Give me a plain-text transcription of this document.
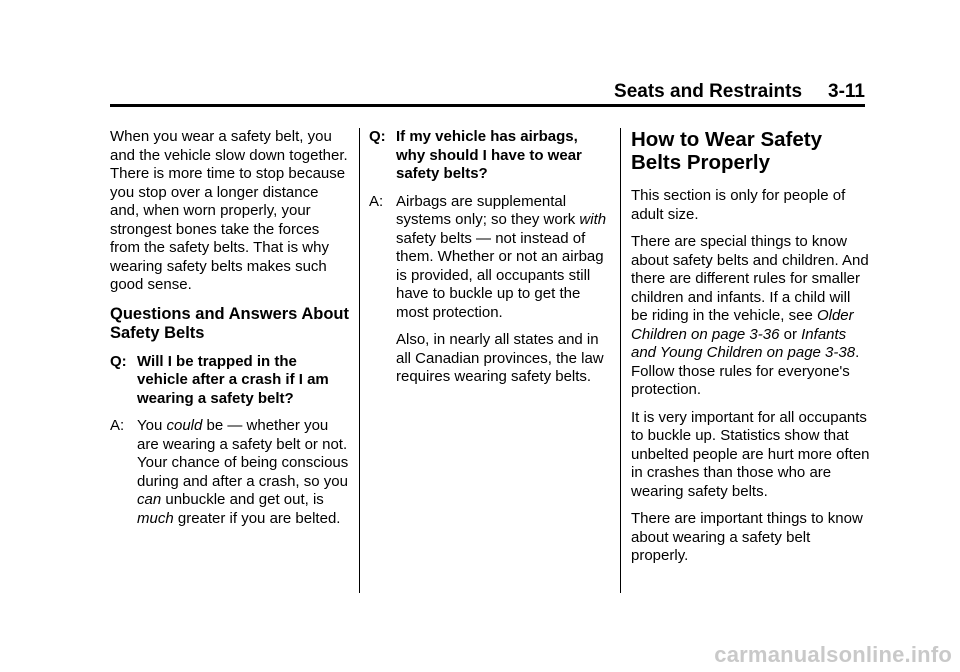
Seats and Restraints 3-11

When you wear a safety belt, you and the vehicle slow down together. There is more time to stop because you stop over a longer distance and, when worn properly, your strongest bones take the forces from the safety belts. That is why wearing safety belts makes such good sense.

Questions and Answers About Safety Belts
Q: Will I be trapped in the vehicle after a crash if I am wearing a safety belt?
A: You could be — whether you are wearing a safety belt or not. Your chance of being conscious during and after a crash, so you can unbuckle and get out, is much greater if you are belted.
Q: If my vehicle has airbags, why should I have to wear safety belts?
A: Airbags are supplemental systems only; so they work with safety belts — not instead of them. Whether or not an airbag is provided, all occupants still have to buckle up to get the most protection.

Also, in nearly all states and in all Canadian provinces, the law requires wearing safety belts.

How to Wear Safety Belts Properly

This section is only for people of adult size.

There are special things to know about safety belts and children. And there are different rules for smaller children and infants. If a child will be riding in the vehicle, see Older Children on page 3-36 or Infants and Young Children on page 3-38. Follow those rules for everyone's protection.

It is very important for all occupants to buckle up. Statistics show that unbelted people are hurt more often in crashes than those who are wearing safety belts.

There are important things to know about wearing a safety belt properly.

carmanualsonline.info
